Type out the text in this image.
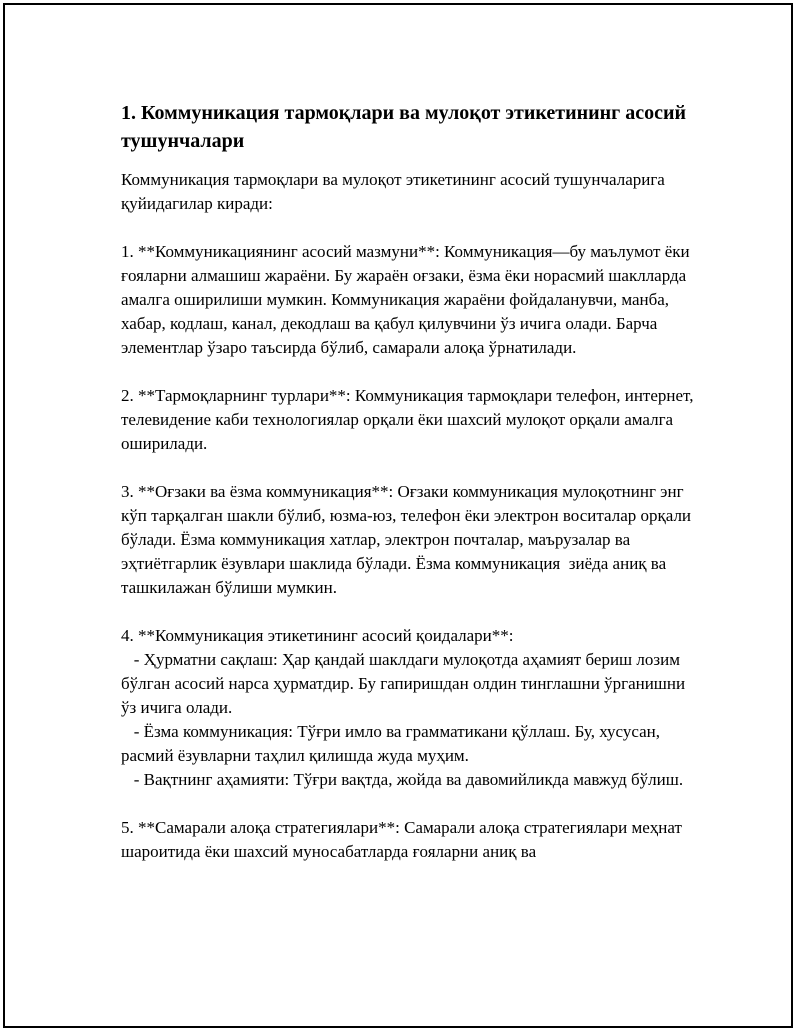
1. Коммуникация тармоқлари ва мулоқот этикетининг асосий тушунчалари

Коммуникация тармоқлари ва мулоқот этикетининг асосий тушунчаларига қуйидагилар киради:

1. **Коммуникациянинг асосий мазмуни**: Коммуникация—бу маълумот ёки ғояларни алмашиш жараёни. Бу жараён оғзаки, ёзма ёки норасмий шаклларда амалга оширилиши мумкин. Коммуникация жараёни фойдаланувчи, манба, хабар, кодлаш, канал, декодлаш ва қабул қилувчини ўз ичига олади. Барча элементлар ўзаро таъсирда бўлиб, самарали алоқа ўрнатилади.

2. **Тармоқларнинг турлари**: Коммуникация тармоқлари телефон, интернет, телевидение каби технологиялар орқали ёки шахсий мулоқот орқали амалга оширилади.

3. **Оғзаки ва ёзма коммуникация**: Оғзаки коммуникация мулоқотнинг энг кўп тарқалган шакли бўлиб, юзма-юз, телефон ёки электрон воситалар орқали бўлади. Ёзма коммуникация хатлар, электрон почталар, маърузалар ва эҳтиётгарлик ёзувлари шаклида бўлади. Ёзма коммуникация  зиёда аниқ ва ташкилажан бўлиши мумкин.

4. **Коммуникация этикетининг асосий қоидалари**:
- Ҳурматни сақлаш: Ҳар қандай шаклдаги мулоқотда аҳамият бериш лозим бўлган асосий нарса ҳурматдир. Бу гапиришдан олдин тинглашни ўрганишни ўз ичига олади.
- Ёзма коммуникация: Тўғри имло ва грамматикани қўллаш. Бу, хусусан, расмий ёзувларни таҳлил қилишда жуда муҳим.
- Вақтнинг аҳамияти: Тўғри вақтда, жойда ва давомийликда мавжуд бўлиш.

5. **Самарали алоқа стратегиялари**: Самарали алоқа стратегиялари меҳнат шароитида ёки шахсий муносабатларда ғояларни аниқ ва
